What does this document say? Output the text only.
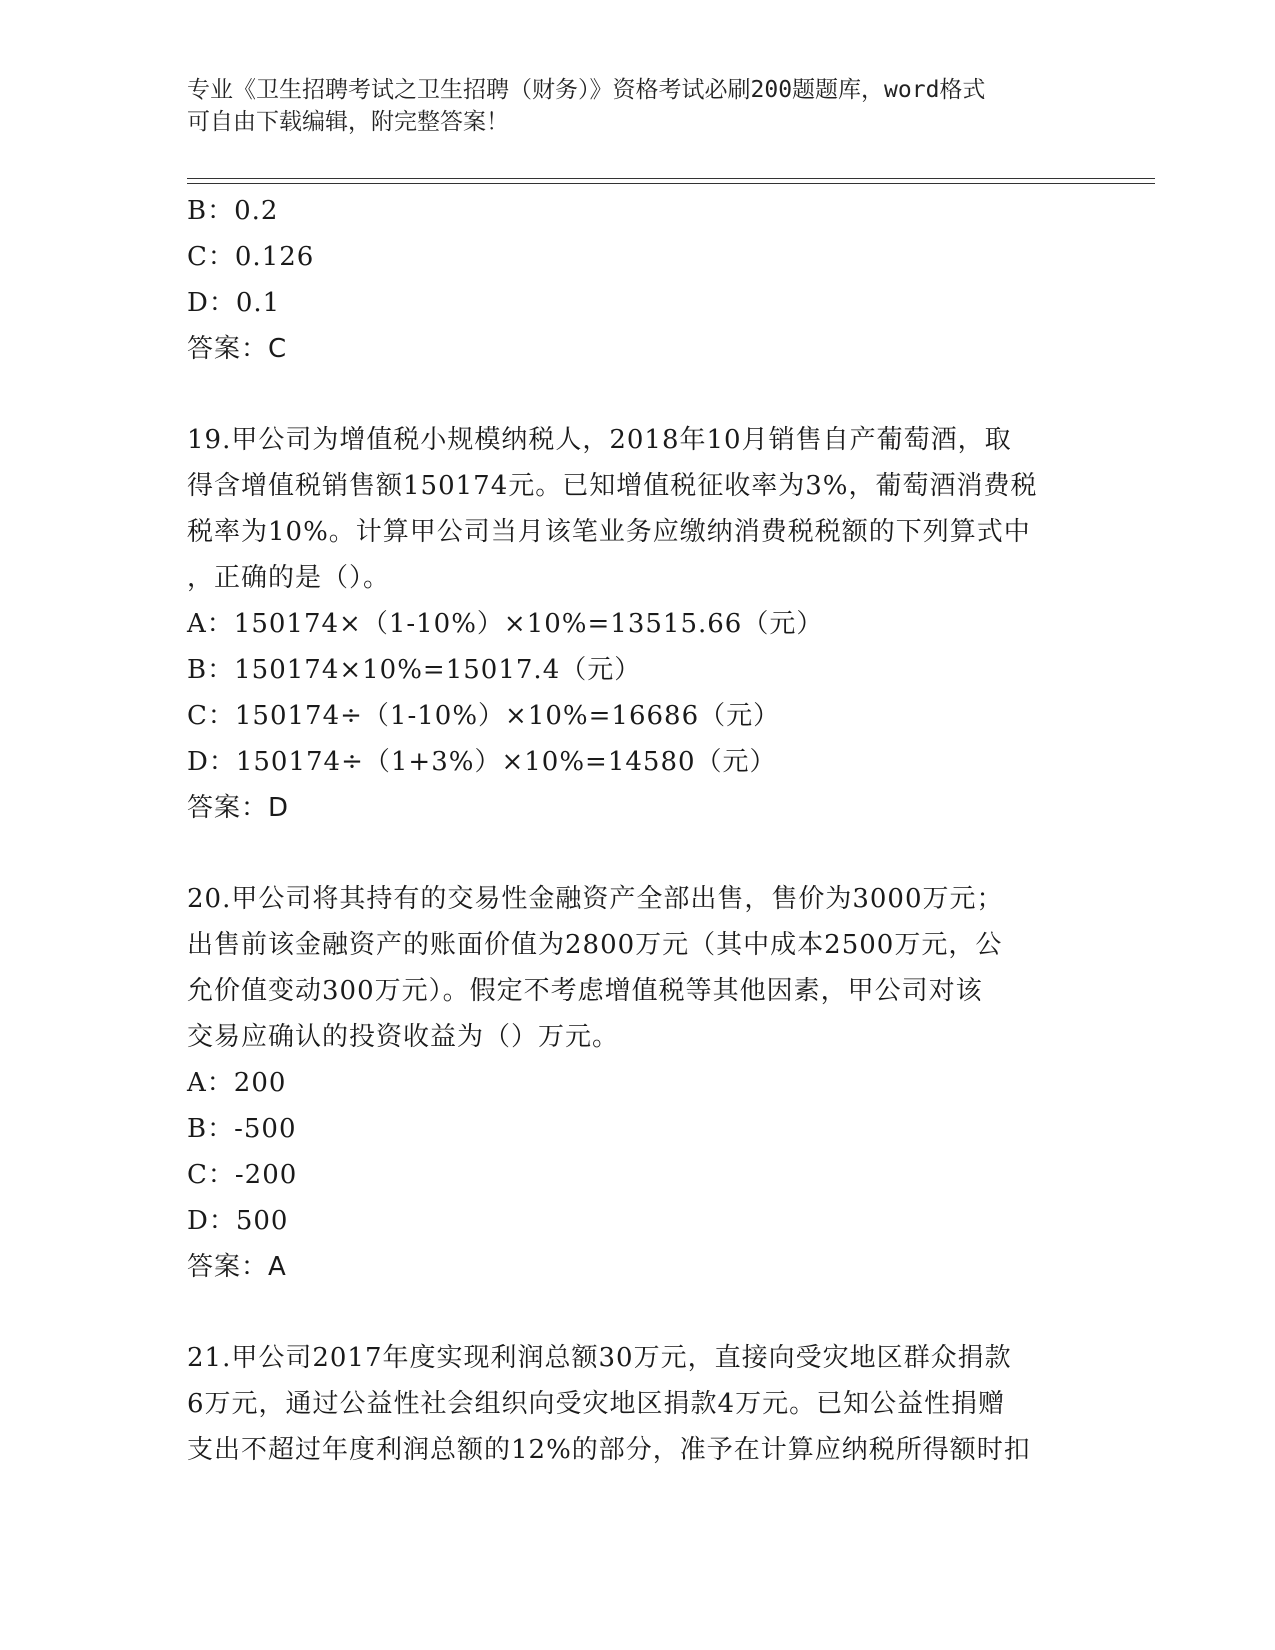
专业《卫生招聘考试之卫生招聘（财务）》资格考试必刷200题题库，word格式
可自由下载编辑，附完整答案！
B：0.2
C：0.126
D：0.1
答案：C
19.甲公司为增值税小规模纳税人，2018年10月销售自产葡萄酒，取
得含增值税销售额150174元。已知增值税征收率为3%，葡萄酒消费税
税率为10%。计算甲公司当月该笔业务应缴纳消费税税额的下列算式中
，正确的是（）。
A：150174×（1-10%）×10%=13515.66（元）
B：150174×10%=15017.4（元）
C：150174÷（1-10%）×10%=16686（元）
D：150174÷（1+3%）×10%=14580（元）
答案：D
20.甲公司将其持有的交易性金融资产全部出售，售价为3000万元；
出售前该金融资产的账面价值为2800万元（其中成本2500万元，公
允价值变动300万元）。假定不考虑增值税等其他因素，甲公司对该
交易应确认的投资收益为（）万元。
A：200
B：-500
C：-200
D：500
答案：A
21.甲公司2017年度实现利润总额30万元，直接向受灾地区群众捐款
6万元，通过公益性社会组织向受灾地区捐款4万元。已知公益性捐赠
支出不超过年度利润总额的12%的部分，准予在计算应纳税所得额时扣
